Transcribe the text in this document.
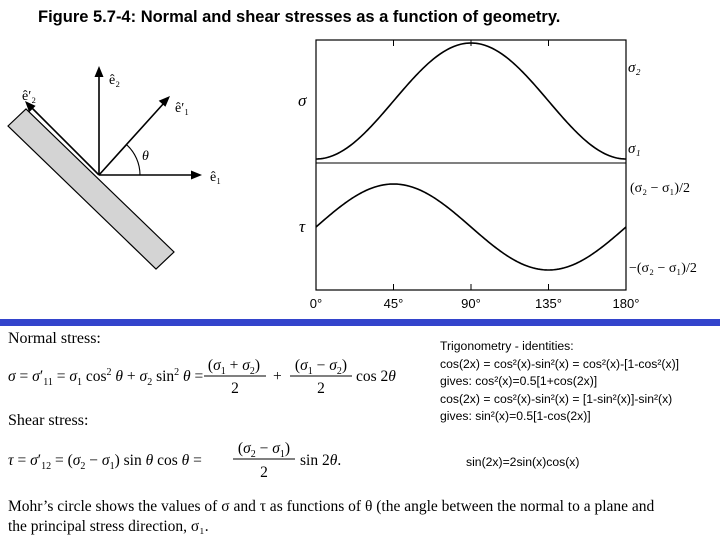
Figure 5.7-4: Normal and shear stresses as a function of geometry.
ê₂
ê′₂
ê′₁
ê₁
θ
σ
τ
σ₂
σ₁
(σ₂ − σ₁)/2
−(σ₂ − σ₁)/2
0°	45°	90°	135°	180°
Normal stress:
$\sigma = \sigma'_{11} = \sigma_1$ $\cos^2 \theta + \sigma_2$ $\sin^2 \theta$ =
$(\sigma_1 + \sigma_2)$
2
+
$(\sigma_1 - \sigma_2)$
2
cos 2θ
Shear stress:
$\tau = \sigma'_{12} = (\sigma_2 - \sigma_1)$ sin θ cos θ =
$(\sigma_2 - \sigma_1)$
2
sin 2θ.
Trigonometry - identities:
cos(2x) = cos²(x)-sin²(x) = cos²(x)-[1-cos²(x)]
gives: cos²(x)=0.5[1+cos(2x)]
cos(2x) = cos²(x)-sin²(x) = [1-sin²(x)]-sin²(x)
gives: sin²(x)=0.5[1-cos(2x)]
sin(2x)=2sin(x)cos(x)
Mohr’s circle shows the values of σ and τ as functions of θ (the angle between the normal to a plane and
the principal stress direction, σ₁.
